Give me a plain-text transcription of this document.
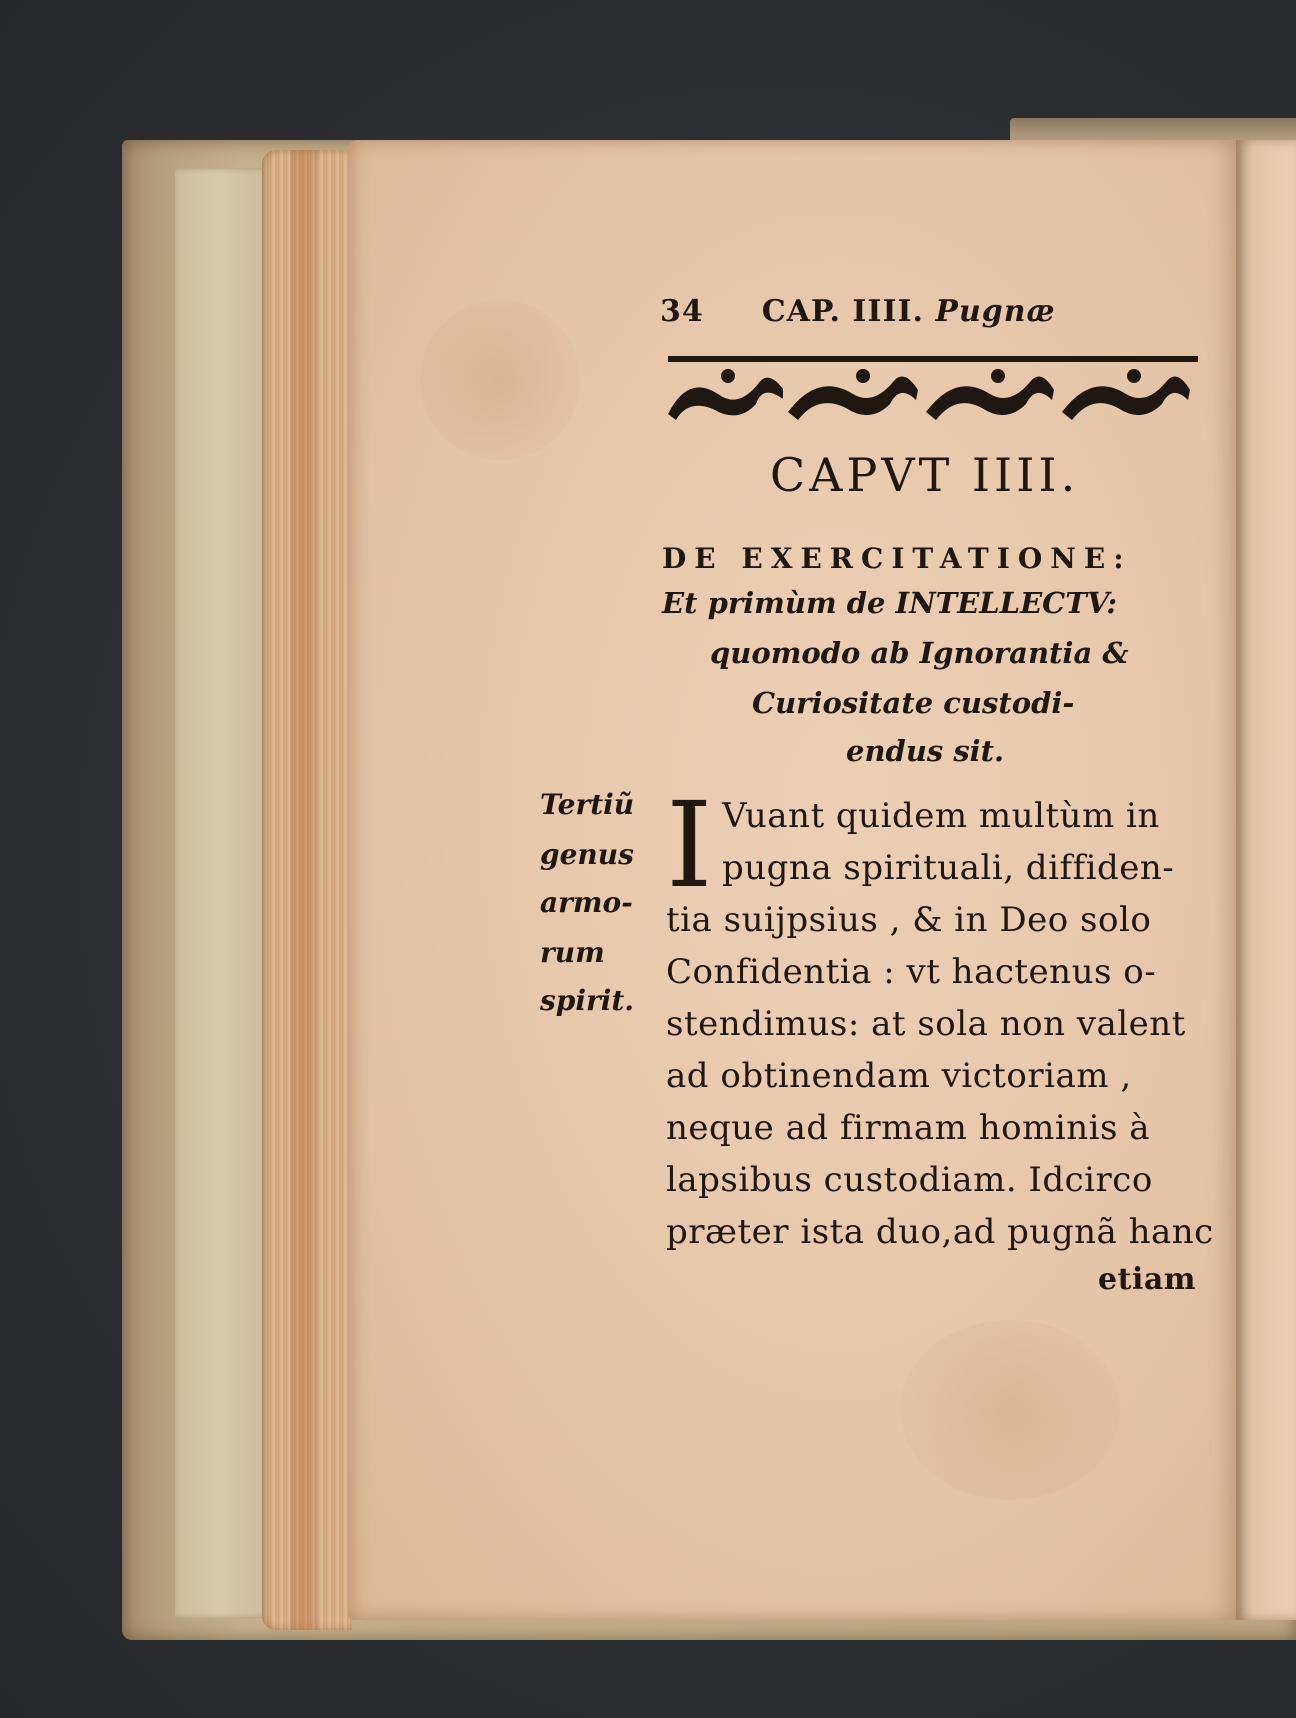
34 CAP. IIII. Pugnæ
CAPVT IIII.
DE EXERCITATIONE:
Et primùm de INTELLECTV:
quomodo ab Ignorantia &
Curiositate custodi-
endus sit.
Tertiũ
genus
armo-
rum
spirit.
I Vuant quidem multùm in
pugna spirituali, diffiden-
tia suijpsius , & in Deo solo
Confidentia : vt hactenus o-
stendimus: at sola non valent
ad obtinendam victoriam ,
neque ad firmam hominis à
lapsibus custodiam. Idcirco
præter ista duo,ad pugnã hanc
etiam
